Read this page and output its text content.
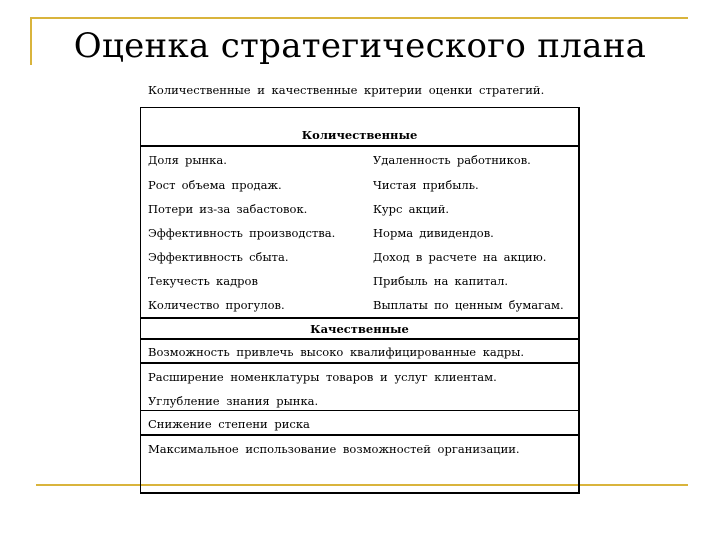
Оценка стратегического плана
Количественные и качественные критерии оценки стратегий.
Количественные
Доля рынка.	Удаленность работников.
Рост объема продаж.	Чистая прибыль.
Потери из-за забастовок.	Курс акций.
Эффективность производства.	Норма дивидендов.
Эффективность сбыта.	Доход в расчете на акцию.
Текучесть кадров	Прибыль на капитал.
Количество прогулов.	Выплаты по ценным бумагам.
Качественные
Возможность привлечь высоко квалифицированные кадры.
Расширение номенклатуры товаров и услуг клиентам.
Углубление знания рынка.
Снижение степени риска
Максимальное использование возможностей организации.
